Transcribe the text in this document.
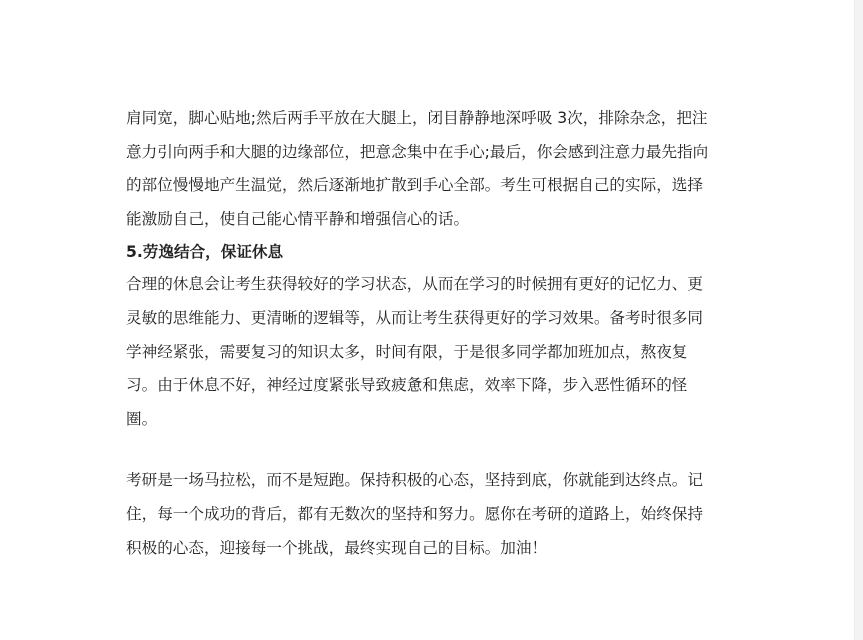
肩同宽，脚心贴地;然后两手平放在大腿上，闭目静静地深呼吸 3次，排除杂念，把注
意力引向两手和大腿的边缘部位，把意念集中在手心;最后，你会感到注意力最先指向
的部位慢慢地产生温觉，然后逐渐地扩散到手心全部。考生可根据自己的实际，选择
能激励自己，使自己能心情平静和增强信心的话。
5.劳逸结合，保证休息
合理的休息会让考生获得较好的学习状态，从而在学习的时候拥有更好的记忆力、更
灵敏的思维能力、更清晰的逻辑等，从而让考生获得更好的学习效果。备考时很多同
学神经紧张，需要复习的知识太多，时间有限，于是很多同学都加班加点，熬夜复
习。由于休息不好，神经过度紧张导致疲惫和焦虑，效率下降，步入恶性循环的怪
圈。
考研是一场马拉松，而不是短跑。保持积极的心态，坚持到底，你就能到达终点。记
住，每一个成功的背后，都有无数次的坚持和努力。愿你在考研的道路上，始终保持
积极的心态，迎接每一个挑战，最终实现自己的目标。加油！
